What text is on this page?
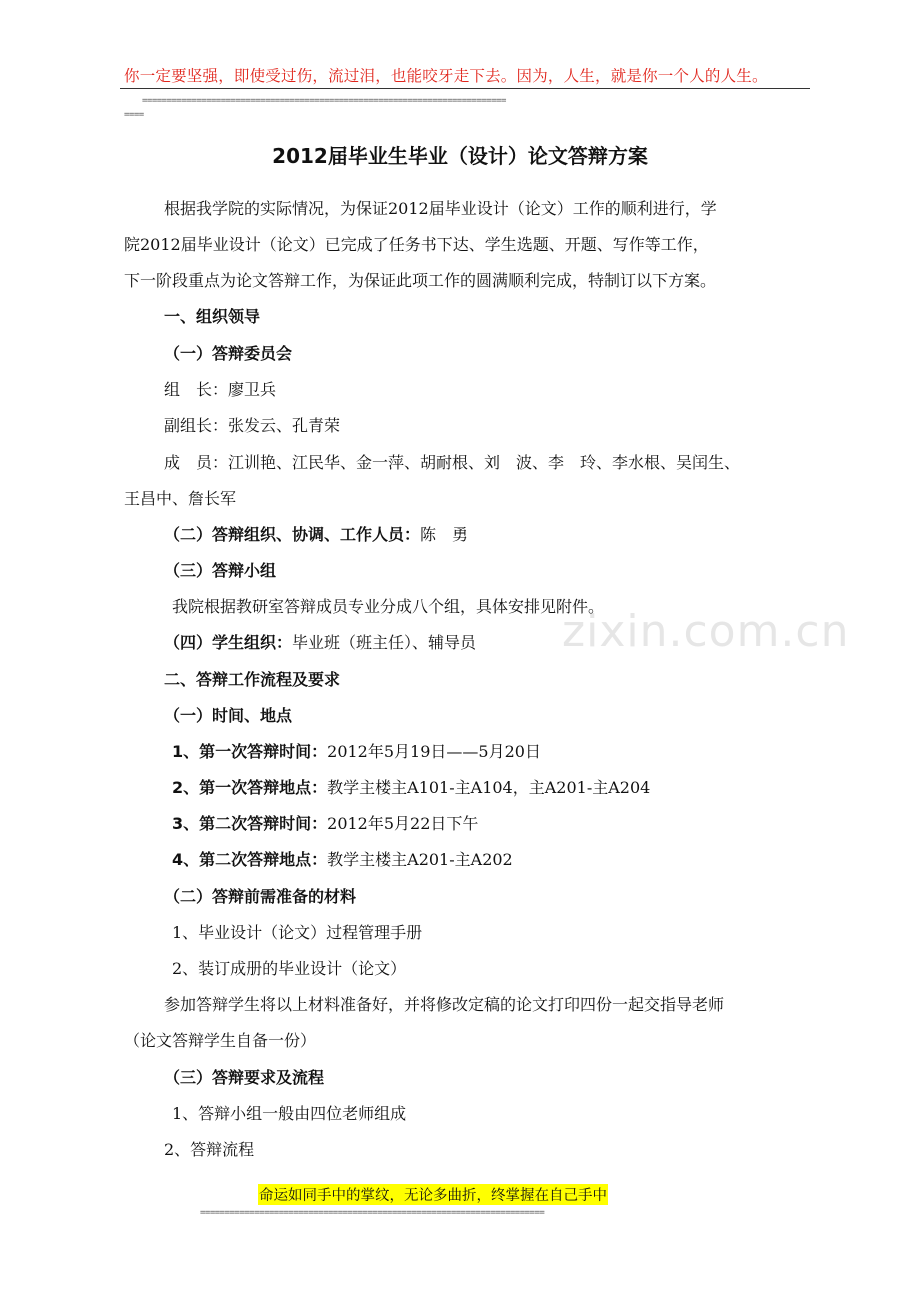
你一定要坚强，即使受过伤，流过泪，也能咬牙走下去。因为，人生，就是你一个人的人生。
==========================================================================
====
zixin.com.cn
2012届毕业生毕业（设计）论文答辩方案
根据我学院的实际情况，为保证2012届毕业设计（论文）工作的顺利进行，学
院2012届毕业设计（论文）已完成了任务书下达、学生选题、开题、写作等工作，
下一阶段重点为论文答辩工作，为保证此项工作的圆满顺利完成，特制订以下方案。
一、组织领导
（一）答辩委员会
组　长：廖卫兵
副组长：张发云、孔青荣
成　员：江训艳、江民华、金一萍、胡耐根、刘　波、李　玲、李水根、吴闰生、
王昌中、詹长军
（二）答辩组织、协调、工作人员：陈　勇
（三）答辩小组
我院根据教研室答辩成员专业分成八个组，具体安排见附件。
（四）学生组织：毕业班（班主任）、辅导员
二、答辩工作流程及要求
（一）时间、地点
1、第一次答辩时间：2012年5月19日——5月20日
2、第一次答辩地点：教学主楼主A101-主A104，主A201-主A204
3、第二次答辩时间：2012年5月22日下午
4、第二次答辩地点：教学主楼主A201-主A202
（二）答辩前需准备的材料
1、毕业设计（论文）过程管理手册
2、装订成册的毕业设计（论文）
参加答辩学生将以上材料准备好，并将修改定稿的论文打印四份一起交指导老师
（论文答辩学生自备一份）
（三）答辩要求及流程
1、答辩小组一般由四位老师组成
2、答辩流程
命运如同手中的掌纹，无论多曲折，终掌握在自己手中
======================================================================
